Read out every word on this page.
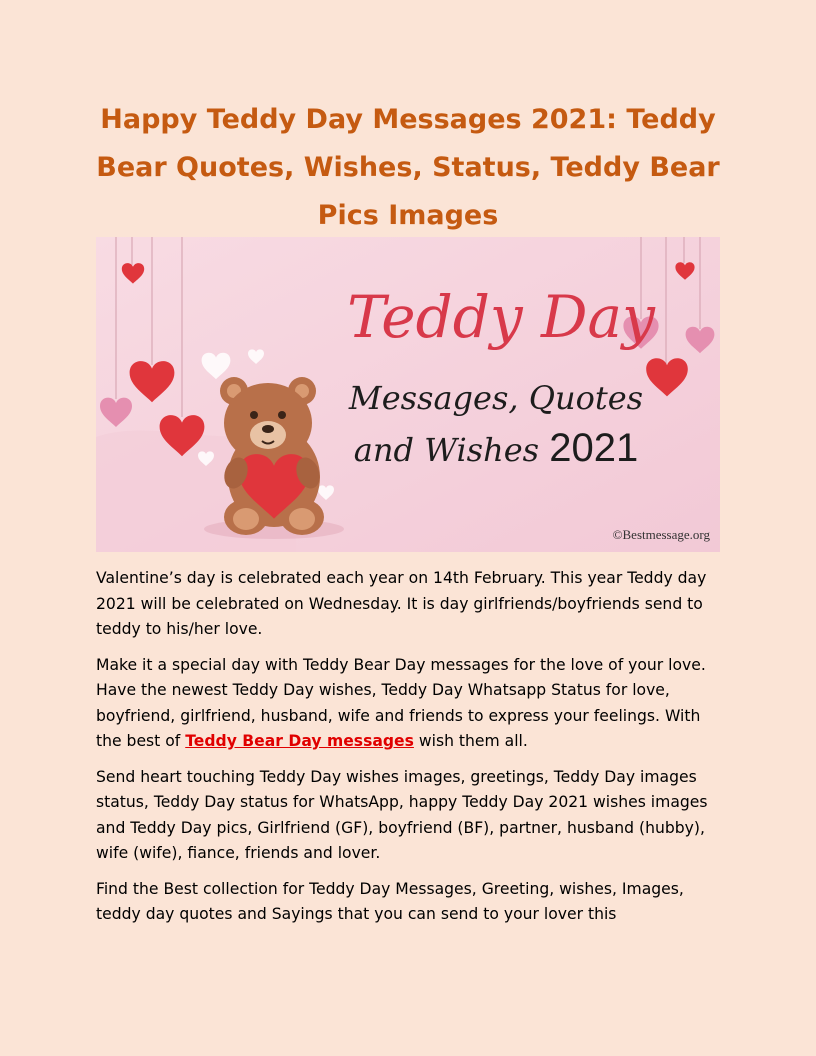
Happy Teddy Day Messages 2021: Teddy Bear Quotes, Wishes, Status, Teddy Bear Pics Images
Teddy Day
Messages, Quotes
and Wishes 2021
©Bestmessage.org

Valentine’s day is celebrated each year on 14th February. This year Teddy day 2021 will be celebrated on Wednesday. It is day girlfriends/boyfriends send to teddy to his/her love.

Make it a special day with Teddy Bear Day messages for the love of your love. Have the newest Teddy Day wishes, Teddy Day Whatsapp Status for love, boyfriend, girlfriend, husband, wife and friends to express your feelings. With the best of Teddy Bear Day messages wish them all.

Send heart touching Teddy Day wishes images, greetings, Teddy Day images status, Teddy Day status for WhatsApp, happy Teddy Day 2021 wishes images and Teddy Day pics, Girlfriend (GF), boyfriend (BF), partner, husband (hubby), wife (wife), fiance, friends and lover.

Find the Best collection for Teddy Day Messages, Greeting, wishes, Images, teddy day quotes and Sayings that you can send to your lover this
